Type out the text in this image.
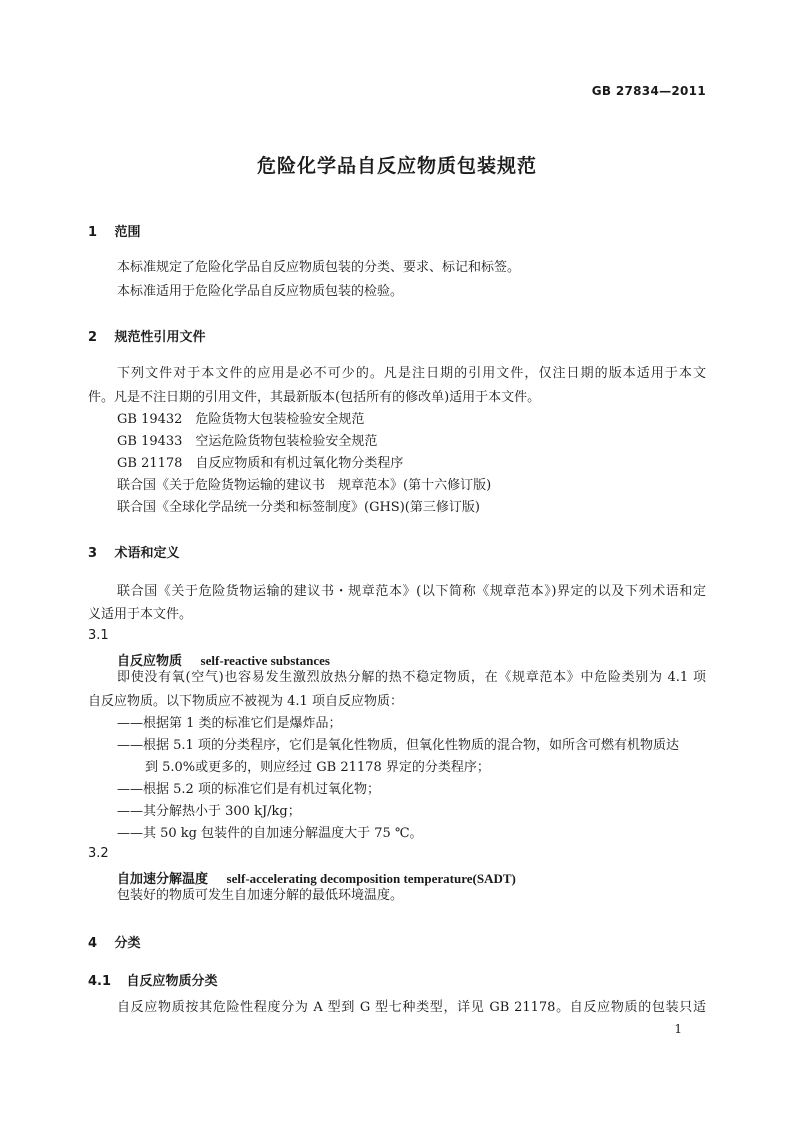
GB 27834—2011
危险化学品自反应物质包装规范
1 范围
本标准规定了危险化学品自反应物质包装的分类、要求、标记和标签。
本标准适用于危险化学品自反应物质包装的检验。
2 规范性引用文件
下列文件对于本文件的应用是必不可少的。凡是注日期的引用文件，仅注日期的版本适用于本文
件。凡是不注日期的引用文件，其最新版本(包括所有的修改单)适用于本文件。
GB 19432　危险货物大包装检验安全规范
GB 19433　空运危险货物包装检验安全规范
GB 21178　自反应物质和有机过氧化物分类程序
联合国《关于危险货物运输的建议书　规章范本》(第十六修订版)
联合国《全球化学品统一分类和标签制度》(GHS)(第三修订版)
3 术语和定义
联合国《关于危险货物运输的建议书・规章范本》(以下简称《规章范本》)界定的以及下列术语和定
义适用于本文件。
3.1
自反应物质 self-reactive substances
即使没有氧(空气)也容易发生激烈放热分解的热不稳定物质，在《规章范本》中危险类别为 4.1 项
自反应物质。以下物质应不被视为 4.1 项自反应物质：
——根据第 1 类的标准它们是爆炸品；
——根据 5.1 项的分类程序，它们是氧化性物质，但氧化性物质的混合物，如所含可燃有机物质达
到 5.0%或更多的，则应经过 GB 21178 界定的分类程序；
——根据 5.2 项的标准它们是有机过氧化物；
——其分解热小于 300 kJ/kg；
——其 50 kg 包装件的自加速分解温度大于 75 ℃。
3.2
自加速分解温度 self-accelerating decomposition temperature(SADT)
包装好的物质可发生自加速分解的最低环境温度。
4 分类
4.1 自反应物质分类
自反应物质按其危险性程度分为 A 型到 G 型七种类型，详见 GB 21178。自反应物质的包装只适
1
